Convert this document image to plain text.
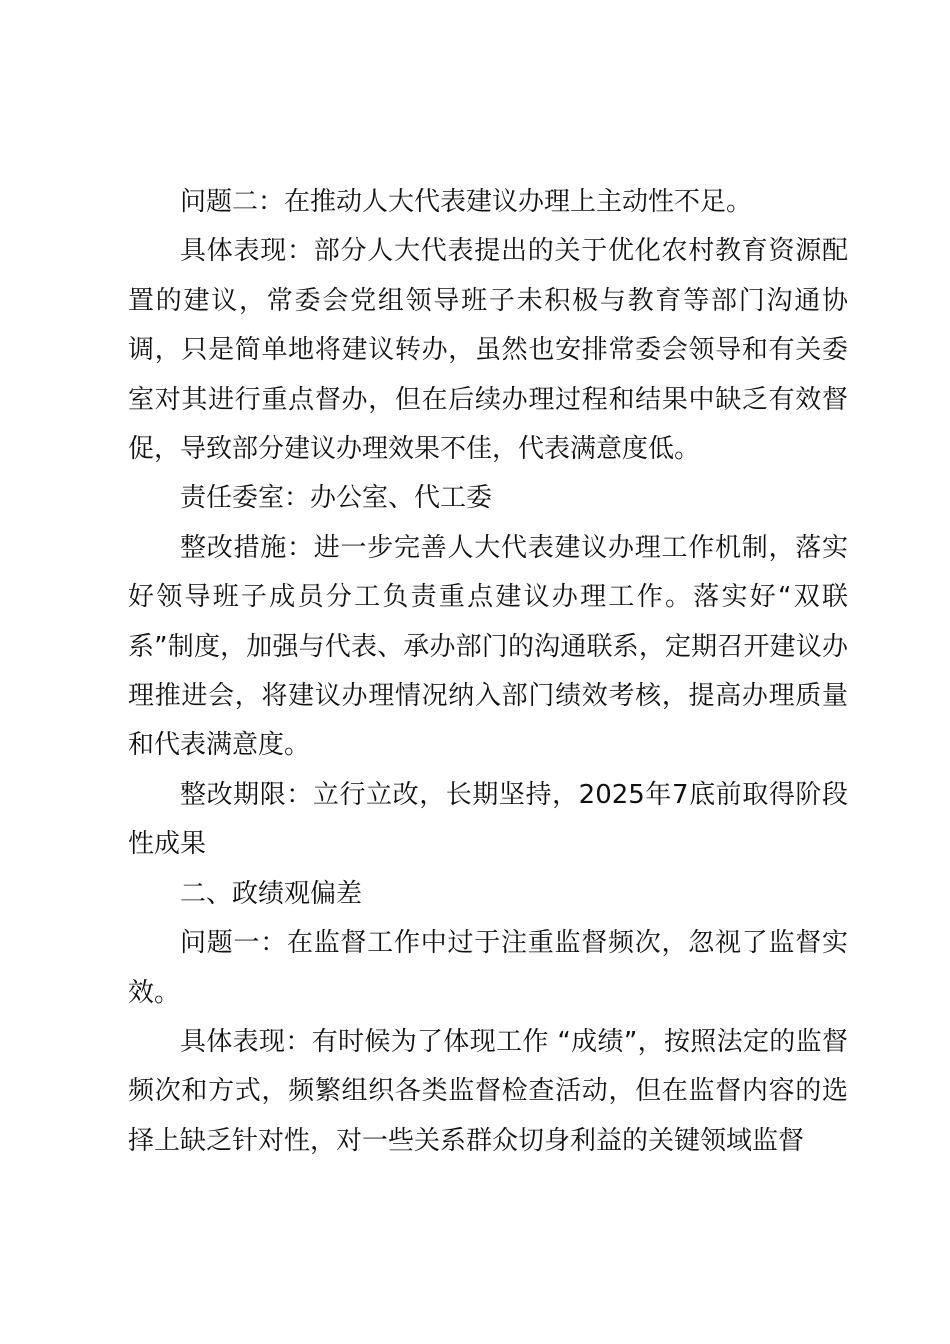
问题二：在推动人大代表建议办理上主动性不足。

具体表现：部分人大代表提出的关于优化农村教育资源配置的建议，常委会党组领导班子未积极与教育等部门沟通协调，只是简单地将建议转办，虽然也安排常委会领导和有关委室对其进行重点督办，但在后续办理过程和结果中缺乏有效督促，导致部分建议办理效果不佳，代表满意度低。

责任委室：办公室、代工委

整改措施：进一步完善人大代表建议办理工作机制，落实好领导班子成员分工负责重点建议办理工作。落实好“双联系”制度，加强与代表、承办部门的沟通联系，定期召开建议办理推进会，将建议办理情况纳入部门绩效考核，提高办理质量和代表满意度。

整改期限：立行立改，长期坚持，2025年7底前取得阶段性成果

二、政绩观偏差

问题一：在监督工作中过于注重监督频次，忽视了监督实效。

具体表现：有时候为了体现工作 “成绩”，按照法定的监督频次和方式，频繁组织各类监督检查活动，但在监督内容的选择上缺乏针对性，对一些关系群众切身利益的关键领域监督
